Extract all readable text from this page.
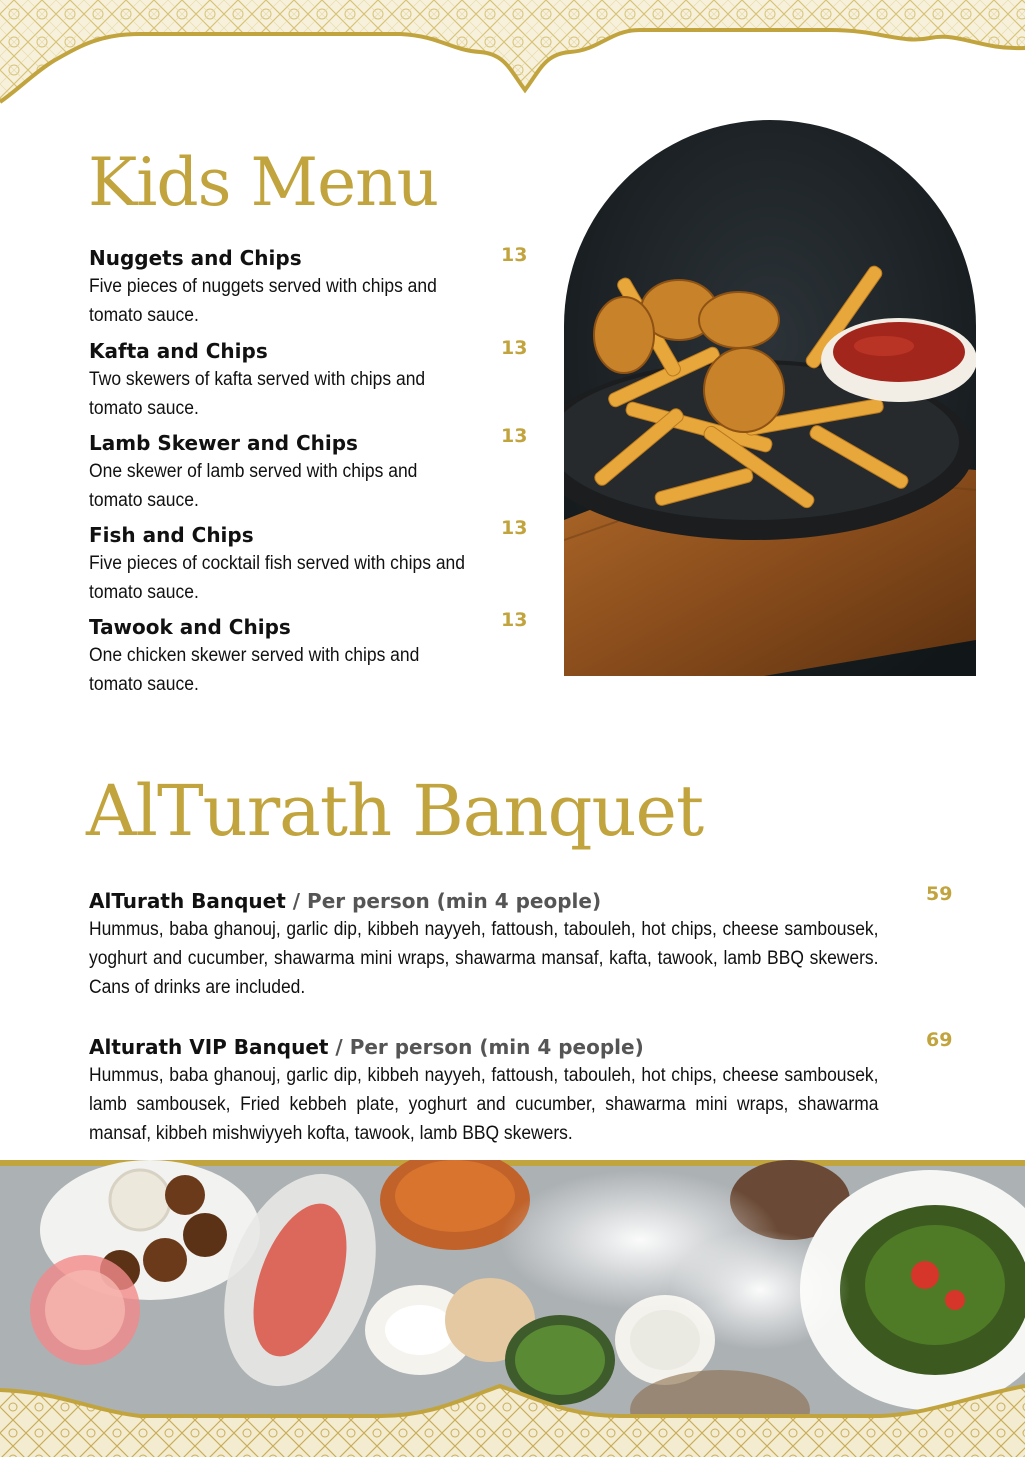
Kids Menu
Nuggets and Chips	13
Five pieces of nuggets served with chips and tomato sauce.
Kafta and Chips	13
Two skewers of kafta served with chips and tomato sauce.
Lamb Skewer and Chips	13
One skewer of lamb served with chips and tomato sauce.
Fish and Chips	13
Five pieces of cocktail fish served with chips and tomato sauce.
Tawook and Chips	13
One chicken skewer served with chips and tomato sauce.
AlTurath Banquet
AlTurath Banquet / Per person (min 4 people)	59
Hummus, baba ghanouj, garlic dip, kibbeh nayyeh, fattoush, tabouleh, hot chips, cheese sambousek, yoghurt and cucumber, shawarma mini wraps, shawarma mansaf, kafta, tawook, lamb BBQ skewers. Cans of drinks are included.
Alturath VIP Banquet / Per person (min 4 people)	69
Hummus, baba ghanouj, garlic dip, kibbeh nayyeh, fattoush, tabouleh, hot chips, cheese sambousek, lamb sambousek, Fried kebbeh plate, yoghurt and cucumber, shawarma mini wraps, shawarma mansaf, kibbeh mishwiyyeh kofta, tawook, lamb BBQ skewers.
